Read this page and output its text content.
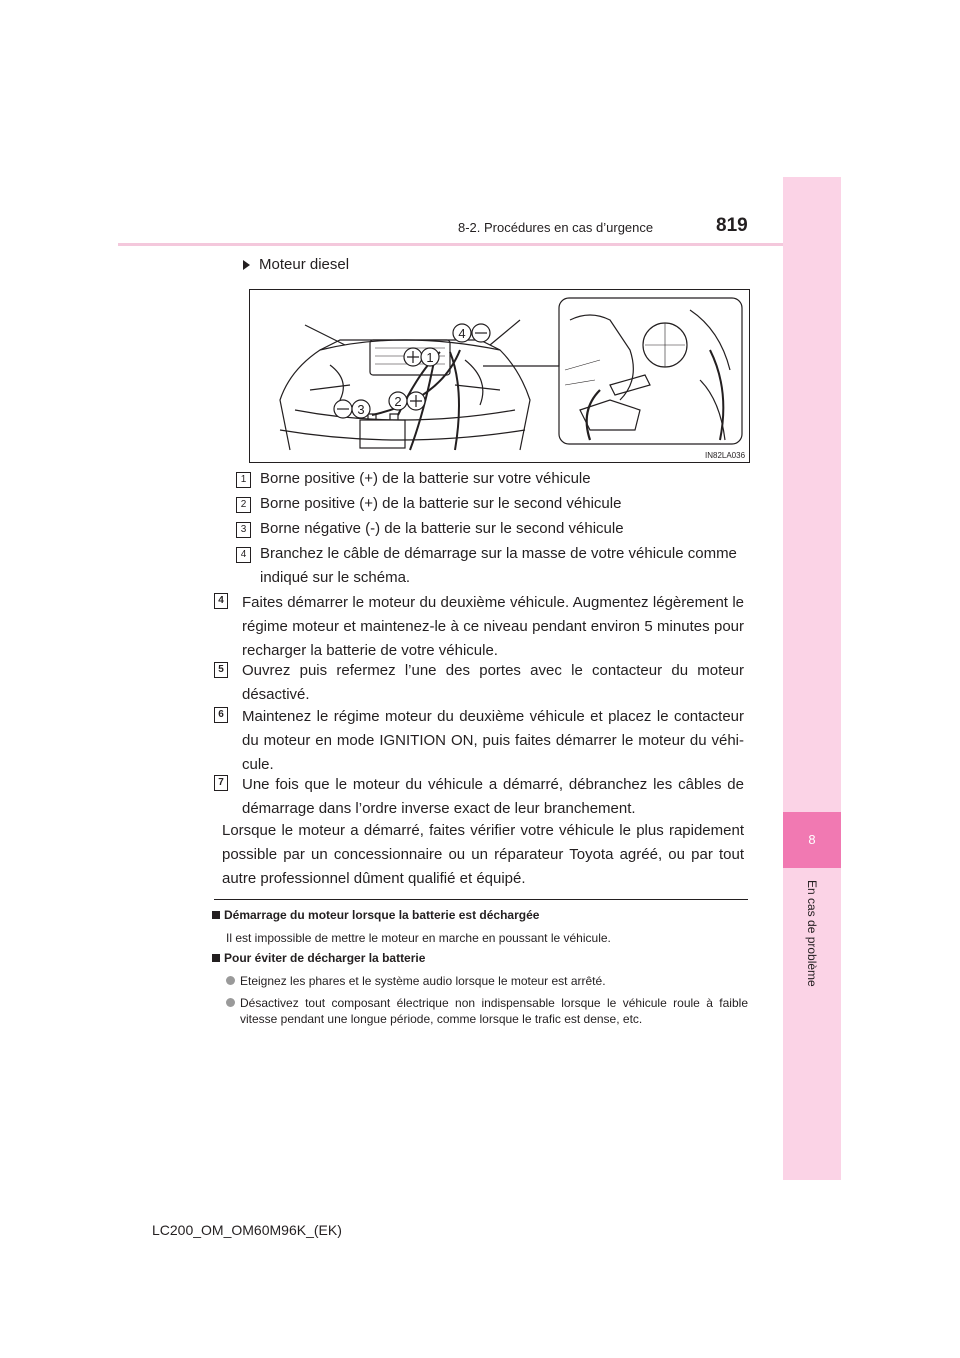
8-2. Procédures en cas d’urgence	819
8
En cas de problème
Moteur diesel
4
1
3
2
IN82LA036
1 Borne positive (+) de la batterie sur votre véhicule
2 Borne positive (+) de la batterie sur le second véhicule
3 Borne négative (-) de la batterie sur le second véhicule
4 Branchez le câble de démarrage sur la masse de votre véhicule comme indiqué sur le schéma.
4 Faites démarrer le moteur du deuxième véhicule. Augmentez légèrement le régime moteur et maintenez-le à ce niveau pendant environ 5 minutes pour recharger la batterie de votre véhicule.
5 Ouvrez puis refermez l’une des portes avec le contacteur du moteur désactivé.
6 Maintenez le régime moteur du deuxième véhicule et placez le contacteur du moteur en mode IGNITION ON, puis faites démarrer le moteur du véhi-cule.
7 Une fois que le moteur du véhicule a démarré, débranchez les câbles de démarrage dans l’ordre inverse exact de leur branchement.
Lorsque le moteur a démarré, faites vérifier votre véhicule le plus rapidement possible par un concessionnaire ou un réparateur Toyota agréé, ou par tout autre professionnel dûment qualifié et équipé.
Démarrage du moteur lorsque la batterie est déchargée
Il est impossible de mettre le moteur en marche en poussant le véhicule.
Pour éviter de décharger la batterie
Eteignez les phares et le système audio lorsque le moteur est arrêté.
Désactivez tout composant électrique non indispensable lorsque le véhicule roule à faible vitesse pendant une longue période, comme lorsque le trafic est dense, etc.
LC200_OM_OM60M96K_(EK)
